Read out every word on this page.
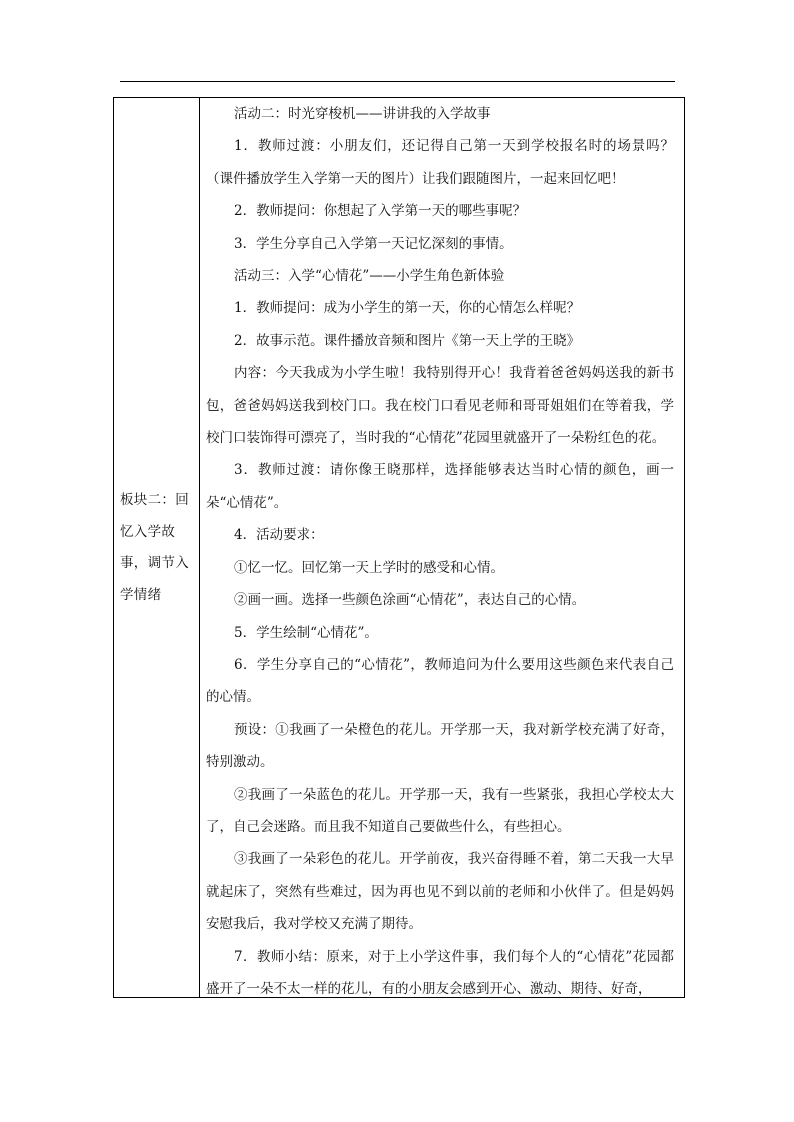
板块二：回忆入学故事，调节入学情绪

活动二：时光穿梭机——讲讲我的入学故事

1．教师过渡：小朋友们，还记得自己第一天到学校报名时的场景吗？（课件播放学生入学第一天的图片）让我们跟随图片，一起来回忆吧！

2．教师提问：你想起了入学第一天的哪些事呢？

3．学生分享自己入学第一天记忆深刻的事情。

活动三：入学“心情花”——小学生角色新体验

1．教师提问：成为小学生的第一天，你的心情怎么样呢？

2．故事示范。课件播放音频和图片《第一天上学的王晓》

内容：今天我成为小学生啦！我特别得开心！我背着爸爸妈妈送我的新书包，爸爸妈妈送我到校门口。我在校门口看见老师和哥哥姐姐们在等着我，学校门口装饰得可漂亮了，当时我的“心情花”花园里就盛开了一朵粉红色的花。

3．教师过渡：请你像王晓那样，选择能够表达当时心情的颜色，画一朵“心情花”。

4．活动要求：

①忆一忆。回忆第一天上学时的感受和心情。

②画一画。选择一些颜色涂画“心情花”，表达自己的心情。

5．学生绘制“心情花”。

6．学生分享自己的“心情花”，教师追问为什么要用这些颜色来代表自己的心情。

预设：①我画了一朵橙色的花儿。开学那一天，我对新学校充满了好奇，特别激动。

②我画了一朵蓝色的花儿。开学那一天，我有一些紧张，我担心学校太大了，自己会迷路。而且我不知道自己要做些什么，有些担心。

③我画了一朵彩色的花儿。开学前夜，我兴奋得睡不着，第二天我一大早就起床了，突然有些难过，因为再也见不到以前的老师和小伙伴了。但是妈妈安慰我后，我对学校又充满了期待。

7．教师小结：原来，对于上小学这件事，我们每个人的“心情花”花园都盛开了一朵不太一样的花儿，有的小朋友会感到开心、激动、期待、好奇，
